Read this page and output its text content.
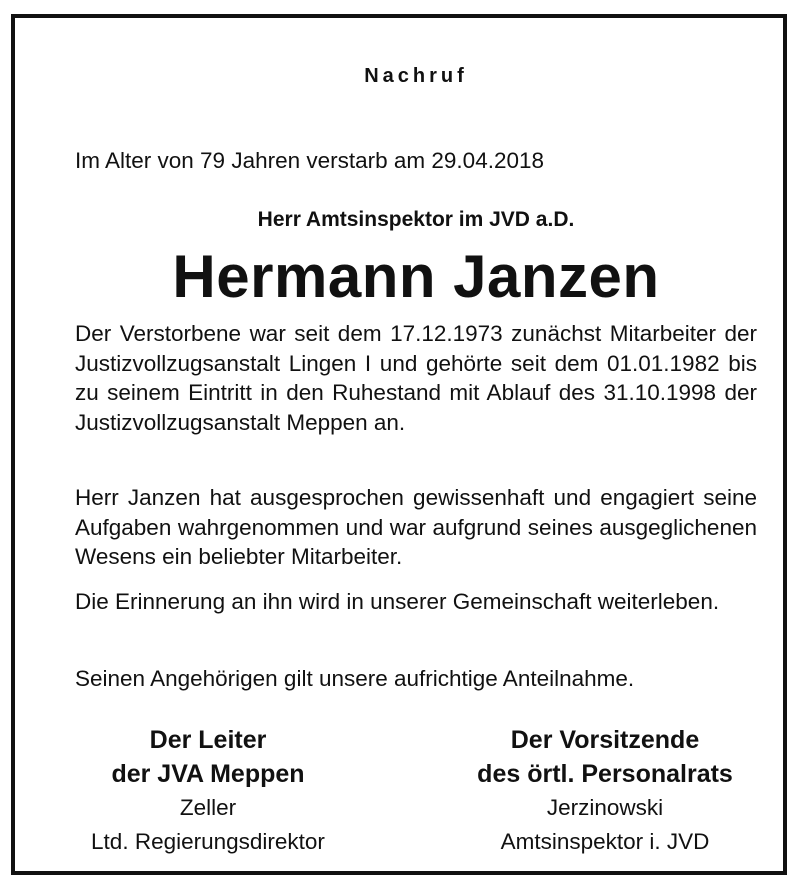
Nachruf

Im Alter von 79 Jahren verstarb am 29.04.2018

Herr Amtsinspektor im JVD a.D.

Hermann Janzen

Der Verstorbene war seit dem 17.12.1973 zunächst Mitarbeiter der Justizvollzugsanstalt Lingen I und gehörte seit dem 01.01.1982 bis zu seinem Eintritt in den Ruhestand mit Ablauf des 31.10.1998 der Justizvollzugsanstalt Meppen an.

Herr Janzen hat ausgesprochen gewissenhaft und engagiert seine Aufgaben wahrgenommen und war aufgrund seines ausgeglichenen Wesens ein beliebter Mitarbeiter.

Die Erinnerung an ihn wird in unserer Gemeinschaft weiterleben.

Seinen Angehörigen gilt unsere aufrichtige Anteilnahme.

Der Leiter
der JVA Meppen
Zeller
Ltd. Regierungsdirektor
Der Vorsitzende
des örtl. Personalrats
Jerzinowski
Amtsinspektor i. JVD
